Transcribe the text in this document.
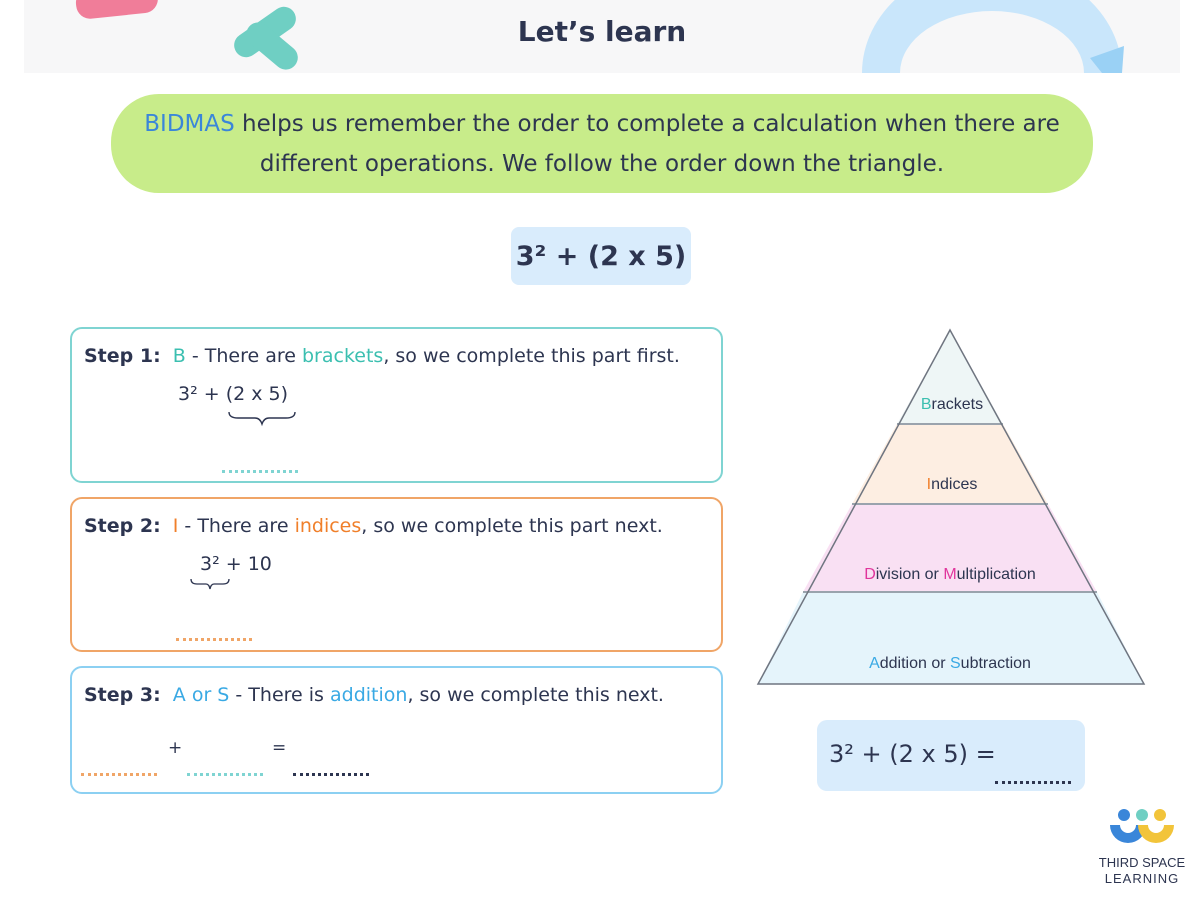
Let’s learn
BIDMAS helps us remember the order to complete a calculation when there are different operations. We follow the order down the triangle.
3² + (2 x 5)
Step 1: B - There are brackets, so we complete this part first.
3² + (2 x 5)
Step 2: I - There are indices, so we complete this part next.
3² + 10
Step 3: A or S - There is addition, so we complete this next.
+	=
Brackets
Indices
Division or Multiplication
Addition or Subtraction
3² + (2 x 5) =
THIRD SPACE
LEARNING
